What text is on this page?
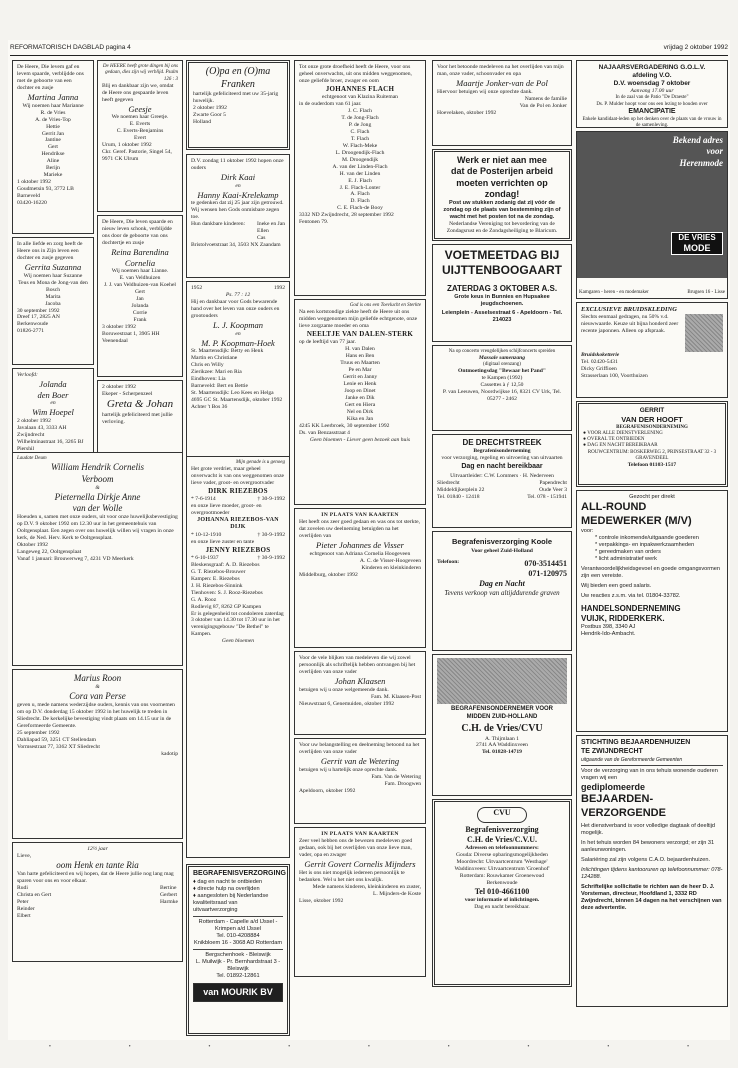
REFORMATORISCH DAGBLAD pagina 4	vrijdag 2 oktober 1992

De Heere, Die levem gaf en levem spaarde, verblijdde ons met de geboorte van een dochter en zusje

Martina Janna

Wij noemen haar Marianne

R. de Vries
A. de Vries-Top
Hettie
Gerrit Jan
Jantine
Gert
Hendrikse
Aline
Berijn
Marieke

1 oktober 1992

Goudmetsin 93, 3772 LB Barneveld

03420-16220

In alle liefde en zorg heeft de Heere ons in Zijn leven een dochter en zusje gegeven

Gerrita Suzanna

Wij noemen haar Suzanne

Teus en Mona de Jong-van den Bosch

Marita

Jacoba

30 september 1992

Dreef 17, 2825 AN Berkenwoude

01826-2771

Verloofd:

Jolanda

den Boer

en

Wim Hoepel

2 oktober 1992

Javalaan 43, 3333 AH Zwijndrecht

Wilhelminastraat 16, 3265 BJ Piershil

De HEERE heeft grote dingen bij ons gedaan, dies zijn wij verblijd. Psalm 126 : 3

Blij en dankbaar zijn we, omdat de Heere ons gespaarde leven heeft gegeven

Geesje

We noemen haar Greetje.

E. Everts

C. Everts-Benjamins

Evert

Urum, 1 oktober 1992

Ckr. Geref. Pastorie, Singel 54, 9971 CK Ulrum

De Heere, Die leven spaarde en nieuw leven schonk, verblijdde ons door de geboorte van ons dochtertje en zusje

Reina Barendina

Cornelia

Wij noemen haar Lianne.

E. van Veldhuizen

J. J. van Veldhuizen-van Koehel

Gert

Jan

Jolanda

Corrie

Frank

3 oktober 1992

Boruwestraat 1, 3905 HH Veenendaal

2 oktober 1992

Ekeper - Scherpenzeel

Greta & Johan

hartelijk gefeliciteerd met jullie verloving.

(O)pa en (O)ma Franken

hartelijk gefeliciteerd met uw 35-jarig huwelijk.

2 oktober 1992

Zwarte Goor 5

Holland

D.V. zondag 11 oktober 1992 hopen onze ouders

Dirk Kaai

en

Hanny Kaai-Krelekamp

te gedenken dat zij 25 jaar zijn getrouwd. Wij wensen hen Gods onmisbare zegen toe.

Hun dankbare kinderen: Ineke en Jan
Ellen
Cas

Bristolvoetstraat 34, 3503 NX Zaandam

1952	1992

Ps. 77 : 12

Hij en dankbaar voor Gods bewarende hand over het leven van onze ouders en grootouders

L. J. Koopman

en

M. P. Koopman-Hoek

St. Maartensdijk: Betty en Henk

Martin en Christiane

Chris en Willy

Zierikzee: Mari en Ria

Eindhoven: Lia

Barneveld: Bert en Bettie

St. Maartensdijk: Leo Kees en Helga

4695 GC St. Maartensdijk, oktober 1992

Achter 't Bos 36

Tot onze grote droefheid heeft de Heere, voor ons geheel onverwachts, uit ons midden weggenomen, onze geliefde broer, zwager en oom

JOHANNES FLACH

echtgenoot van Klazina Ruiteman

in de ouderdom van 61 jaar.

J. C. Flach
T. de Jong-Flach
P. de Jong
C. Flach
T. Flach
W. Flach-Meke
L. Droogendijk-Flach
M. Droogendijk
A. van der Linden-Flach
H. van der Linden
E. J. Flach
J. E. Flach-Lonter
A. Flach
D. Flach
C. E. Flach-de Booy

3332 ND Zwijndrecht, 28 september 1992

Fentonen 79.

God is ons een Toevlucht en Sterkte

Na een kortstondige ziekte heeft de Heere uit ons midden weggenomen mijn geliefde echtgenote, onze lieve zorgzame moeder en oma

NEELTJE VAN DALEN-STERK

op de leeftijd van 77 jaar.

H. van Dalen
Hans en Ben
Truus en Maarten
Pe en Mar
Gerrit en Janny
Lenie en Henk
Joop en Dinet
Janke en Dik
Gert en Hiera
Nel en Dirk
Kika en Jan

4245 KK Leerbroek, 30 september 1992

Ds. van Benzasstraat 4

Geen bloemen - Liever geen bezoek aan huis

IN PLAATS VAN KAARTEN

Het heeft ons zeer goed gedaan en was ons tot sterkte, dat zovelen uw deelneming betuigden na het overlijden van

Pieter Johannes de Visser

echtgenoot van Adriana Cornelia Hoogeveen

A. C. de Visser-Hoogeveen

Kinderen en kleinkinderen

Middelburg, oktober 1992

Voor de vele blijken van medeleven die wij zowel persoonlijk als schriftelijk hebben ontvangen bij het overlijden van onze vader

Johan Klaasen

betuigen wij u onze welgemeende dank.

Fam. M. Klaasen-Post

Nieuwstraat 6, Genemuiden, oktober 1992

Voor uw belangstelling en deelneming betoond na het overlijden van onze vader

Gerrit van de Wetering

betuigen wij u hartelijk onze oprechte dank.

Fam. Van de Wetering

Fam. Droogwen

Apeldoorn, oktober 1992

IN PLAATS VAN KAARTEN

Zeer veel hebben ons de bewezen medeleven goed gedaan, ook bij het overlijden van onze lieve man, vader, opa en zwager

Gerrit Govert Cornelis Mijnders

Het is ons niet mogelijk iedereen persoonlijk te bedanken. Wel u het niet ons kwalijk.

Mede namens kinderen, kleinkinderen en zuster,

L. Mijnders-de Koste

Lisse, oktober 1992

Mijn genade is u genoeg

Het grote verdriet, maar geheel onverwacht is van ons weggenomen onze lieve vader, groot- en overgrootvader

DIRK RIEZEBOS

* 7-6-1914	† 30-9-1992

en onze lieve moeder, groot- en overgrootmoeder

JOHANNA RIEZEBOS-VAN DIJK

* 10-12-1910	† 30-9-1992

en onze lieve zuster en tante

JENNY RIEZEBOS

* 6-10-1937	† 30-9-1992

Bleskensgraaf: A. D. Riezebos

G. T. Riezebos-Brouwer

Kampen: E. Riezebos

J. H. Riezebos-Sinnink

Tienhoven: S. J. Rooz-Riezebos

G. A. Rooz

Rodlevig 87, 8262 GP Kampen

Er is gelegenheid tot condoleren zaterdag 3 oktober van 14.30 tot 17.30 uur in het verenigingsgebouw "De Bethel" te Kampen.

Geen bloemen

Laudate Deum

William Hendrik Cornelis

Verboom

&

Pieternella Dirkje Anne

van der Wolle

Hoeuden u, samen met onze ouders, uit voor onze huwelijksbevestiging op D.V. 9 oktober 1992 om 12.30 uur in het gemeentehuis van Ooltgensplaat. Een zegen over ons huwelijk willen wij vragen in onze kerk, de Ned. Herv. Kerk te Ooltgensplaat.

Oktober 1992

Langeweg 22, Ooltgensplaat

Vanaf 1 januari: Brouwerweg 7, 4231 VD Meerkerk

Marius Roon

&

Cora van Perse

geven u, mede namens wederzijdse ouders, kennis van ons voornemen om op D.V. donderdag 15 oktober 1992 in het huwelijk te treden in Sliedrecht. De kerkelijke bevestiging vindt plaats om 14.15 uur in de Gereformeerde Gemeente.

25 september 1992

Dahliapad 59, 3251 CT Stellendam

Vormsestraat 77, 3362 XT Sliedrecht

kadotip

12½ jaar

Lieve,

oom Henk en tante Ria

Van harte gefeliciteerd en wij hopen, dat de Heere jullie nog lang mag sparen voor ons en voor elkaar.

Rudi
Christa en Gert
Peter
Reinder
Elbert
Bertine
Gerbert
Harmke

BEGRAFENISVERZORGING

♦ dag en nacht te ontbieden
♦ directe hulp na overlijden
♦ aangesloten bij Nederlandse kwaliteitsraad van uitvaartverzorging

Rotterdam - Capelle a/d IJssel - Krimpen a/d IJssel

Tel. 010-4208884

Knikbloem 16 - 3068 AD Rotterdam

Bergschenhoek - Bleiswijk

L. Muilwijk - Pr. Bernhardstraat 3 - Bleiswijk

Tel. 01892-12861

van MOURIK BV

Voor het betoonde medeleven na het overlijden van mijn man, onze vader, schoonvader en opa

Maartje Jonker-van de Pol

Hiervoor betuigen wij onze oprechte dank.

Namens de familie

Van de Pol en Jonker

Hoevelaken, oktober 1992

Werk er niet aan mee

dat de Posterijen arbeid

moeten verrichten op zondag!

Post uw stukken zodanig dat zij vóór de zondag op de plaats van bestemming zijn of wacht met het posten tot na de zondag.

Nederlandse Vereniging tot bevordering van de Zondagsrust en de Zondagsheiliging te Blaricum.

VOETMEETDAG BIJ

UIJTTENBOOGAART

ZATERDAG 3 OKTOBER A.S.

Grote keus in Bunnies en Hupsakee jeugdschoenen.

Leienplein - Asselsestraat 6 - Apeldoorn - Tel. 214023

Na op concerto vreugdelijken schijfconcerts spreiden

Massale samenzang

(digitaal orenzang)

Ontmoetingsdag "Bewaar het Pand"

te Kampen (1992)

Cassettes à ƒ 12,50

P. van Leeuwen, Noordwijkse 16, 8321 CV Urk, Tel. 05277 - 2462

DE DRECHTSTREEK

Begrafenisonderneming

voor verzorging, regeling en uitvoering van uitvaarten

Dag en nacht bereikbaar

Uitvaartleider: C.W. Lommers · H. Nederveen

Sliedrecht	Papendrecht
Middeldijkerplein 22	Oude Veer 3
Tel. 01840 - 12418	Tel. 078 - 151941

Begrafenisverzorging Koole

Voor geheel Zuid-Holland

Telefoon:	070-3514451

071-120975

Dag en Nacht

Tevens verkoop van altijddurende graven

BEGRAFENISONDERNEMER VOOR MIDDEN ZUID-HOLLAND

C.H. de Vries/CVU

A. Thijmlaan 1

2741 AA Waddinxveen

Tel. 01828-14719

CVU

Begrafenisverzorging

C.H. de Vries/C.V.U.

Adressen en telefoonnummers:

Gouda: Diverse opbaringsmogelijkheden

Moordrecht: Uitvaartcentrum 'Westhage'

Waddinxveen: Uitvaartcentrum 'Groenhof'

Rotterdam: Rouwkamer Groenewoud

Berkenwoude

Tel 010-4661100

voor informatie of inlichtingen.

Dag en nacht bereikbaar.

NAJAARSVERGADERING G.O.L.V.

afdeling V.O.

D.V. woensdag 7 oktober

Aanvang 17.00 uur

In de zaal van de Patio "De Draeste"

Ds. P. Mulder hoopt voor ons een lezing te houden over

EMANCIPATIE

Enkele kandidaat-leden op het denken over de plaats van de vrouw in de samenleving.

Bekend adres

voor

Herenmode

DE VRIES

MODE

Kamgaren - heren - en modemaker	Brugsen 16 - Lisse

EXCLUSIEVE BRUIDSKLEDING

Slechts eenmaal gedragen, nu 50% v.d. nieuwwaarde. Keuze uit bijna honderd zeer recente japonnen. Alleen op afspraak.

Bruidskoketterie

Tel. 02420-5431

Dicky Griffioen

Strasserlaan 100, Voorthuizen

GERRIT

VAN DER HOOFT

BEGRAFENISONDERNEMING

● VOOR ALLE DIENSTVERLENING

● OVERAL TE ONTBIEDEN

● DAG EN NACHT BEREIKBAAR

ROUWCENTRUM: BOSKERWEG 2, PRINSESTRAAT 32 - 3 GRAVENDEEL

Telefoon 01103-1517

Gezocht per direkt

ALL-ROUND

MEDEWERKER (M/V)

voor:

* controle inkomende/uitgaande goederen
* verpakkings- en inpakwerkzaamheden
* gereedmaken van orders
* licht administratief werk

Verantwoordelijkheidsgevoel en goede omgangsvormen zijn een vereiste.

Wij bieden een goed salaris.

Uw reacties z.s.m. via tel. 01804-33782.

HANDELSONDERNEMING

VUIJK, RIDDERKERK.

Postbus 398, 3340 AJ

Hendrik-Ido-Ambacht.

STICHTING BEJAARDENHUIZEN

TE ZWIJNDRECHT

uitgaande van de Gereformeerde Gemeenten

Voor de verzorging van in ons tehuis wonende ouderen vragen wij een

gediplomeerde

BEJAARDEN-

VERZORGENDE

Het dienstverband is voor volledige dagtaak of deeltijd mogelijk.

In het tehuis worden 84 bewoners verzorgd; er zijn 31 aanleunwoningen.

Salariëring zal zijn volgens C.A.O. bejaardenhuizen.

Inlichtingen tijdens kantooruren op telefoonnummer: 078-124288.

Schriftelijke sollicitatie te richten aan de heer D. J. Vorsteman, directeur, Hoofdland 1, 3332 RD Zwijndrecht, binnen 14 dagen na het verschijnen van deze advertentie.

•	•	•	•	•	•	•	•	•
